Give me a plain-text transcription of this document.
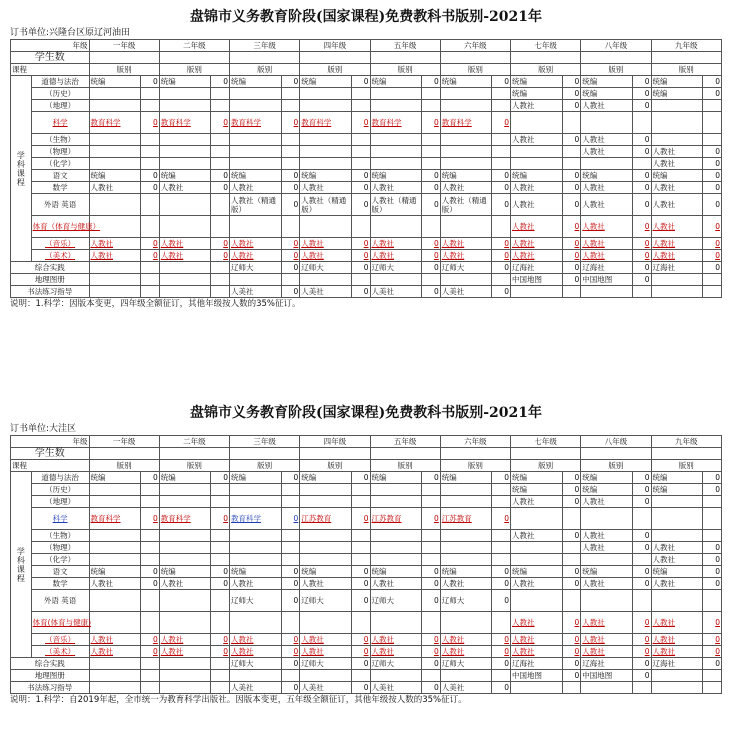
盘锦市义务教育阶段(国家课程)免费教科书版别-2021年
订书单位:兴隆台区原辽河油田
年级		一年级		二年级		三年级		四年级		五年级		六年级		七年级		八年级		九年级	
学生数																			
课程		版别		版别		版别		版别		版别		版别		版别		版别		版别	
学科课程	道德与法治	统编	0	统编	0	统编	0	统编	0	统编	0	统编	0	统编	0	统编	0	统编	0
	（历史）													统编	0	统编	0	统编	0
	（地理）													人教社	0	人教社	0		
	科学	教育科学	0	教育科学	0	教育科学	0	教育科学	0	教育科学	0	教育科学	0						
	（生物）													人教社	0	人教社	0		
	（物理）															人教社	0	人教社	0
	（化学）																	人教社	0
	语文	统编	0	统编	0	统编	0	统编	0	统编	0	统编	0	统编	0	统编	0	统编	0
	数学	人教社	0	人教社	0	人教社	0	人教社	0	人教社	0	人教社	0	人教社	0	人教社	0	人教社	0
	外语 英语					人教社（精通版）	0	人教社（精通版）	0	人教社（精通版）	0	人教社（精通版）	0	人教社	0	人教社	0	人教社	0
	体育（体育与健康）													人教社	0	人教社	0	人教社	0
	（音乐）	人教社	0	人教社	0	人教社	0	人教社	0	人教社	0	人教社	0	人教社	0	人教社	0	人教社	0
	（美术）	人教社	0	人教社	0	人教社	0	人教社	0	人教社	0	人教社	0	人教社	0	人教社	0	人教社	0
综合实践						辽师大	0	辽师大	0	辽师大	0	辽师大	0	辽海社	0	辽海社	0	辽海社	0
地理图册														中国地图	0	中国地图	0		
书法练习指导						人美社	0	人美社	0	人美社	0	人美社	0						
说明：1.科学：因版本变更，四年级全额征订，其他年级按人数的35%征订。
盘锦市义务教育阶段(国家课程)免费教科书版别-2021年
订书单位:大洼区
年级		一年级		二年级		三年级		四年级		五年级		六年级		七年级		八年级		九年级	
学生数																			
课程		版别		版别		版别		版别		版别		版别		版别		版别		版别	
学科课程	道德与法治	统编	0	统编	0	统编	0	统编	0	统编	0	统编	0	统编	0	统编	0	统编	0
	（历史）													统编	0	统编	0	统编	0
	（地理）													人教社	0	人教社	0		
	科学	教育科学	0	教育科学	0	教育科学	0	江苏教育	0	江苏教育	0	江苏教育	0						
	（生物）													人教社	0	人教社	0		
	（物理）															人教社	0	人教社	0
	（化学）																	人教社	0
	语文	统编	0	统编	0	统编	0	统编	0	统编	0	统编	0	统编	0	统编	0	统编	0
	数学	人教社	0	人教社	0	人教社	0	人教社	0	人教社	0	人教社	0	人教社	0	人教社	0	人教社	0
	外语 英语					辽师大	0	辽师大	0	辽师大	0	辽师大	0						
	体育(体育与健康)													人教社	0	人教社	0	人教社	0
	（音乐）	人教社	0	人教社	0	人教社	0	人教社	0	人教社	0	人教社	0	人教社	0	人教社	0	人教社	0
	（美术）	人教社	0	人教社	0	人教社	0	人教社	0	人教社	0	人教社	0	人教社	0	人教社	0	人教社	0
综合实践						辽师大	0	辽师大	0	辽师大	0	辽师大	0	辽海社	0	辽海社	0	辽海社	0
地理图册														中国地图	0	中国地图	0		
书法练习指导						人美社	0	人美社	0	人美社	0	人美社	0						
说明：1.科学：自2019年起，全市统一为教育科学出版社。因版本变更，五年级全额征订，其他年级按人数的35%征订。
